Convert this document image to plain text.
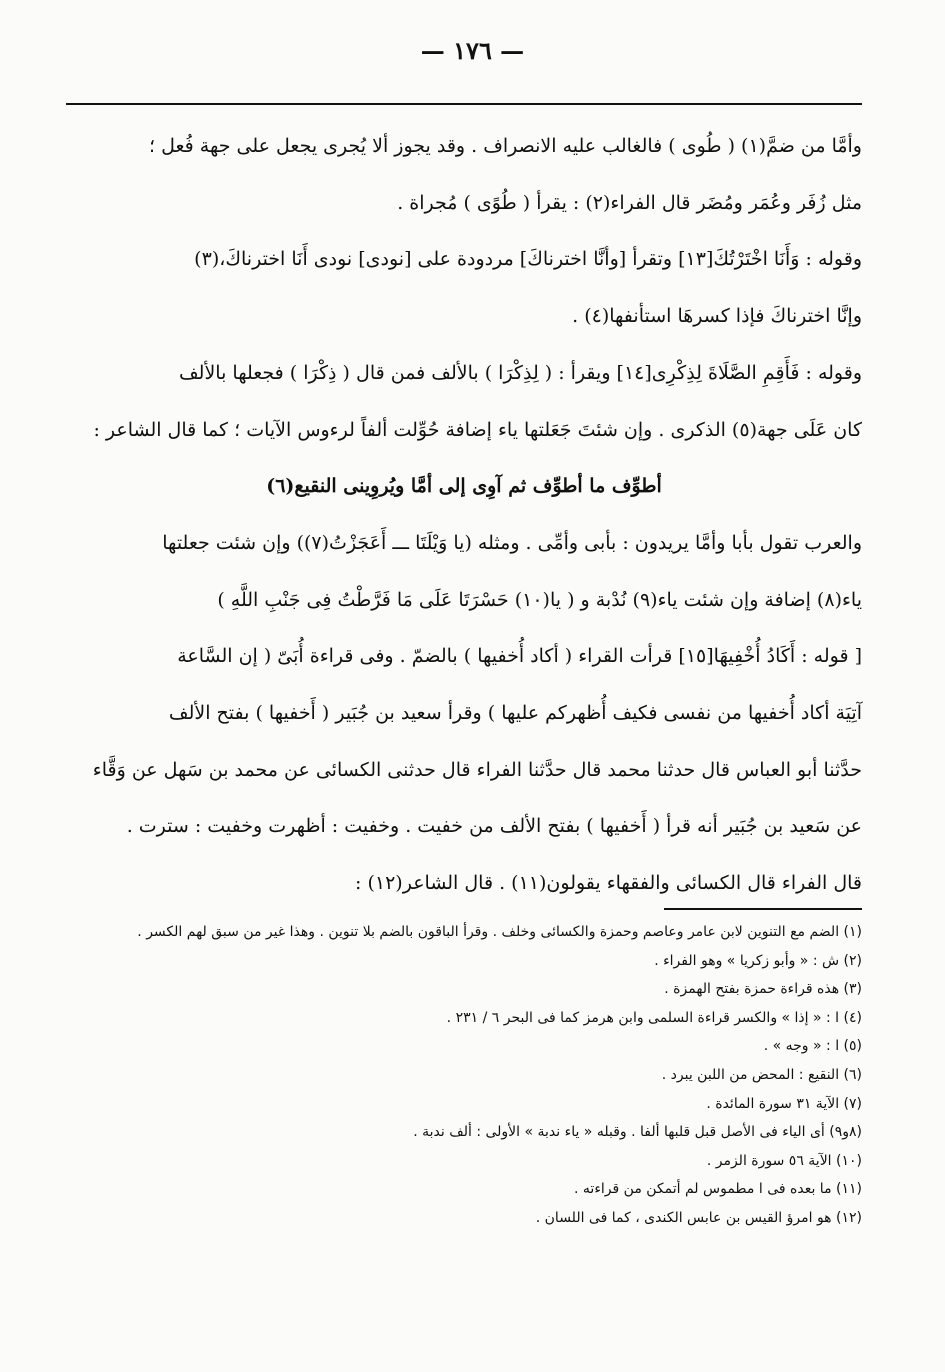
— ١٧٦ —

وأمَّا من ضمَّ(١) ( طُوى ) فالغالب عليه الانصراف . وقد يجوز ألا يُجرى يجعل على جهة فُعل ؛
مثل زُفَر وعُمَر ومُضَر قال الفراء(٢) : يقرأ ( طُوًى ) مُجراة .

وقوله : وَأَنَا اخْتَرْتُكَ[١٣] وتقرأ [وأنَّا اخترناكَ] مردودة على [نودى] نودى أَنَا اخترناكَ،(٣)
وإنَّا اخترناكَ فإذا كسرهَا استأنفها(٤) .

وقوله : فَأَقِمِ الصَّلَاةَ لِذِكْرِى[١٤] ويقرأ : ( لِذِكْرَا ) بالألف فمن قال ( ذِكْرَا ) فجعلها بالألف
كان عَلَى جهة(٥) الذكرى . وإن شئتَ جَعَلتها ياء إضافة حُوِّلت ألفاً لرءوس الآيات ؛ كما قال الشاعر :

أطوِّف ما أطوِّف ثم آوِى إلى أمَّا ويُروِينى النقيع(٦)

والعرب تقول بأبا وأمَّا يريدون : بأبى وأمِّى . ومثله (يا وَيْلَتَا ـــ أَعَجَزْتُ(٧)) وإن شئت جعلتها
ياء(٨) إضافة وإن شئت ياء(٩) نُدْبة و ( يا(١٠) حَسْرَتَا عَلَى مَا فَرَّطْتُ فِى جَنْبِ اللَّهِ )

[ قوله : أَكَادُ أُخْفِيهَا[١٥] قرأت القراء ( أكاد أُخفيها ) بالضمّ . وفى قراءة أُبَىّ ( إن السَّاعة
آتِيَة أكاد أُخفيها من نفسى فكيف أُظهركم عليها ) وقرأ سعيد بن جُبَير ( أَخفيها ) بفتح الألف
حدَّثنا أبو العباس قال حدثنا محمد قال حدَّثنا الفراء قال حدثنى الكسائى عن محمد بن سَهل عن وَقَّاء
عن سَعيد بن جُبَير أنه قرأ ( أَخفيها ) بفتح الألف من خفيت . وخفيت : أظهرت وخفيت : سترت .
قال الفراء قال الكسائى والفقهاء يقولون(١١) . قال الشاعر(١٢) :

(١) الضم مع التنوين لابن عامر وعاصم وحمزة والكسائى وخلف . وقرأ الباقون بالضم بلا تنوين . وهذا غير من سبق لهم الكسر .

(٢) ش : « وأبو زكريا » وهو الفراء .

(٣) هذه قراءة حمزة بفتح الهمزة .

(٤) ا : « إذا » والكسر قراءة السلمى وابن هرمز كما فى البحر ٦ / ٢٣١ .

(٥) ا : « وجه » .

(٦) النقيع : المحض من اللبن يبرد .

(٧) الآية ٣١ سورة المائدة .

(٨و٩) أى الياء فى الأصل قبل قلبها ألفا . وقبله « ياء ندبة » الأولى : ألف ندبة .

(١٠) الآية ٥٦ سورة الزمر .

(١١) ما بعده فى ا مطموس لم أتمكن من قراءته .

(١٢) هو امرؤ القيس بن عابس الكندى ، كما فى اللسان .
